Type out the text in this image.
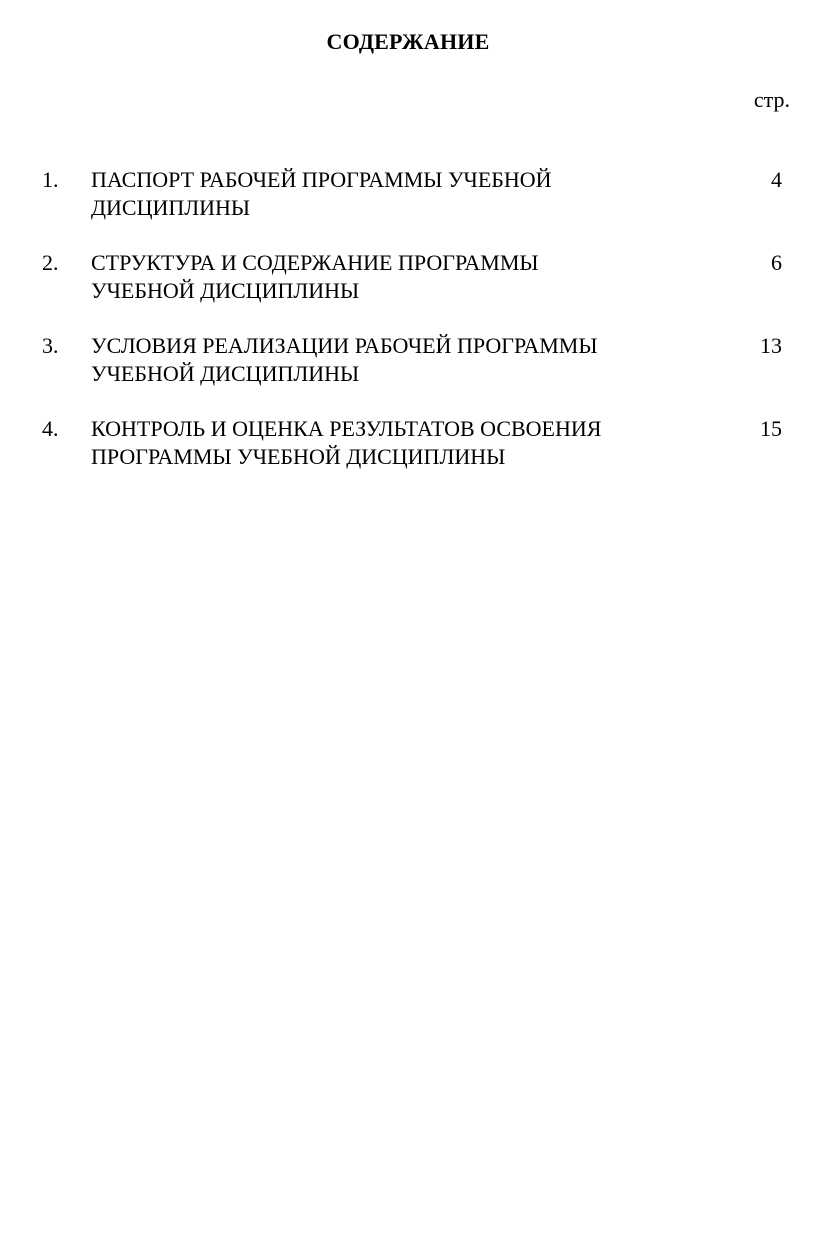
СОДЕРЖАНИЕ
стр.
1. ПАСПОРТ РАБОЧЕЙ ПРОГРАММЫ УЧЕБНОЙ
ДИСЦИПЛИНЫ
4
2. СТРУКТУРА И СОДЕРЖАНИЕ ПРОГРАММЫ
УЧЕБНОЙ ДИСЦИПЛИНЫ
6
3. УСЛОВИЯ РЕАЛИЗАЦИИ РАБОЧЕЙ ПРОГРАММЫ
УЧЕБНОЙ ДИСЦИПЛИНЫ
13
4. КОНТРОЛЬ И ОЦЕНКА РЕЗУЛЬТАТОВ ОСВОЕНИЯ
ПРОГРАММЫ УЧЕБНОЙ ДИСЦИПЛИНЫ
15
